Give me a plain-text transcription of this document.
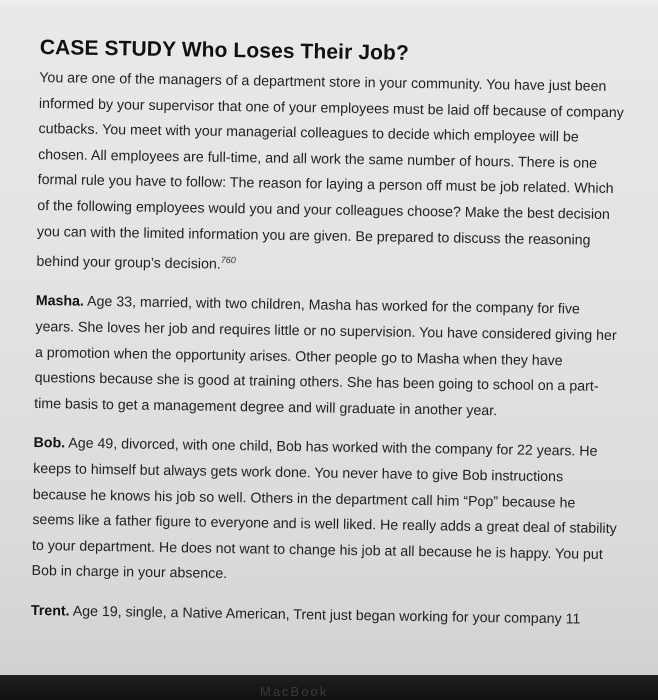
CASE STUDY Who Loses Their Job?

You are one of the managers of a department store in your community. You have just been informed by your supervisor that one of your employees must be laid off because of company cutbacks. You meet with your managerial colleagues to decide which employee will be chosen. All employees are full-time, and all work the same number of hours. There is one formal rule you have to follow: The reason for laying a person off must be job related. Which of the following employees would you and your colleagues choose? Make the best decision you can with the limited information you are given. Be prepared to discuss the reasoning behind your group’s decision.$^{760}$

Masha. Age 33, married, with two children, Masha has worked for the company for five years. She loves her job and requires little or no supervision. You have considered giving her a promotion when the opportunity arises. Other people go to Masha when they have questions because she is good at training others. She has been going to school on a part-time basis to get a management degree and will graduate in another year.

Bob. Age 49, divorced, with one child, Bob has worked with the company for 22 years. He keeps to himself but always gets work done. You never have to give Bob instructions because he knows his job so well. Others in the department call him “Pop” because he seems like a father figure to everyone and is well liked. He really adds a great deal of stability to your department. He does not want to change his job at all because he is happy. You put Bob in charge in your absence.

Trent. Age 19, single, a Native American, Trent just began working for your company 11

MacBook
